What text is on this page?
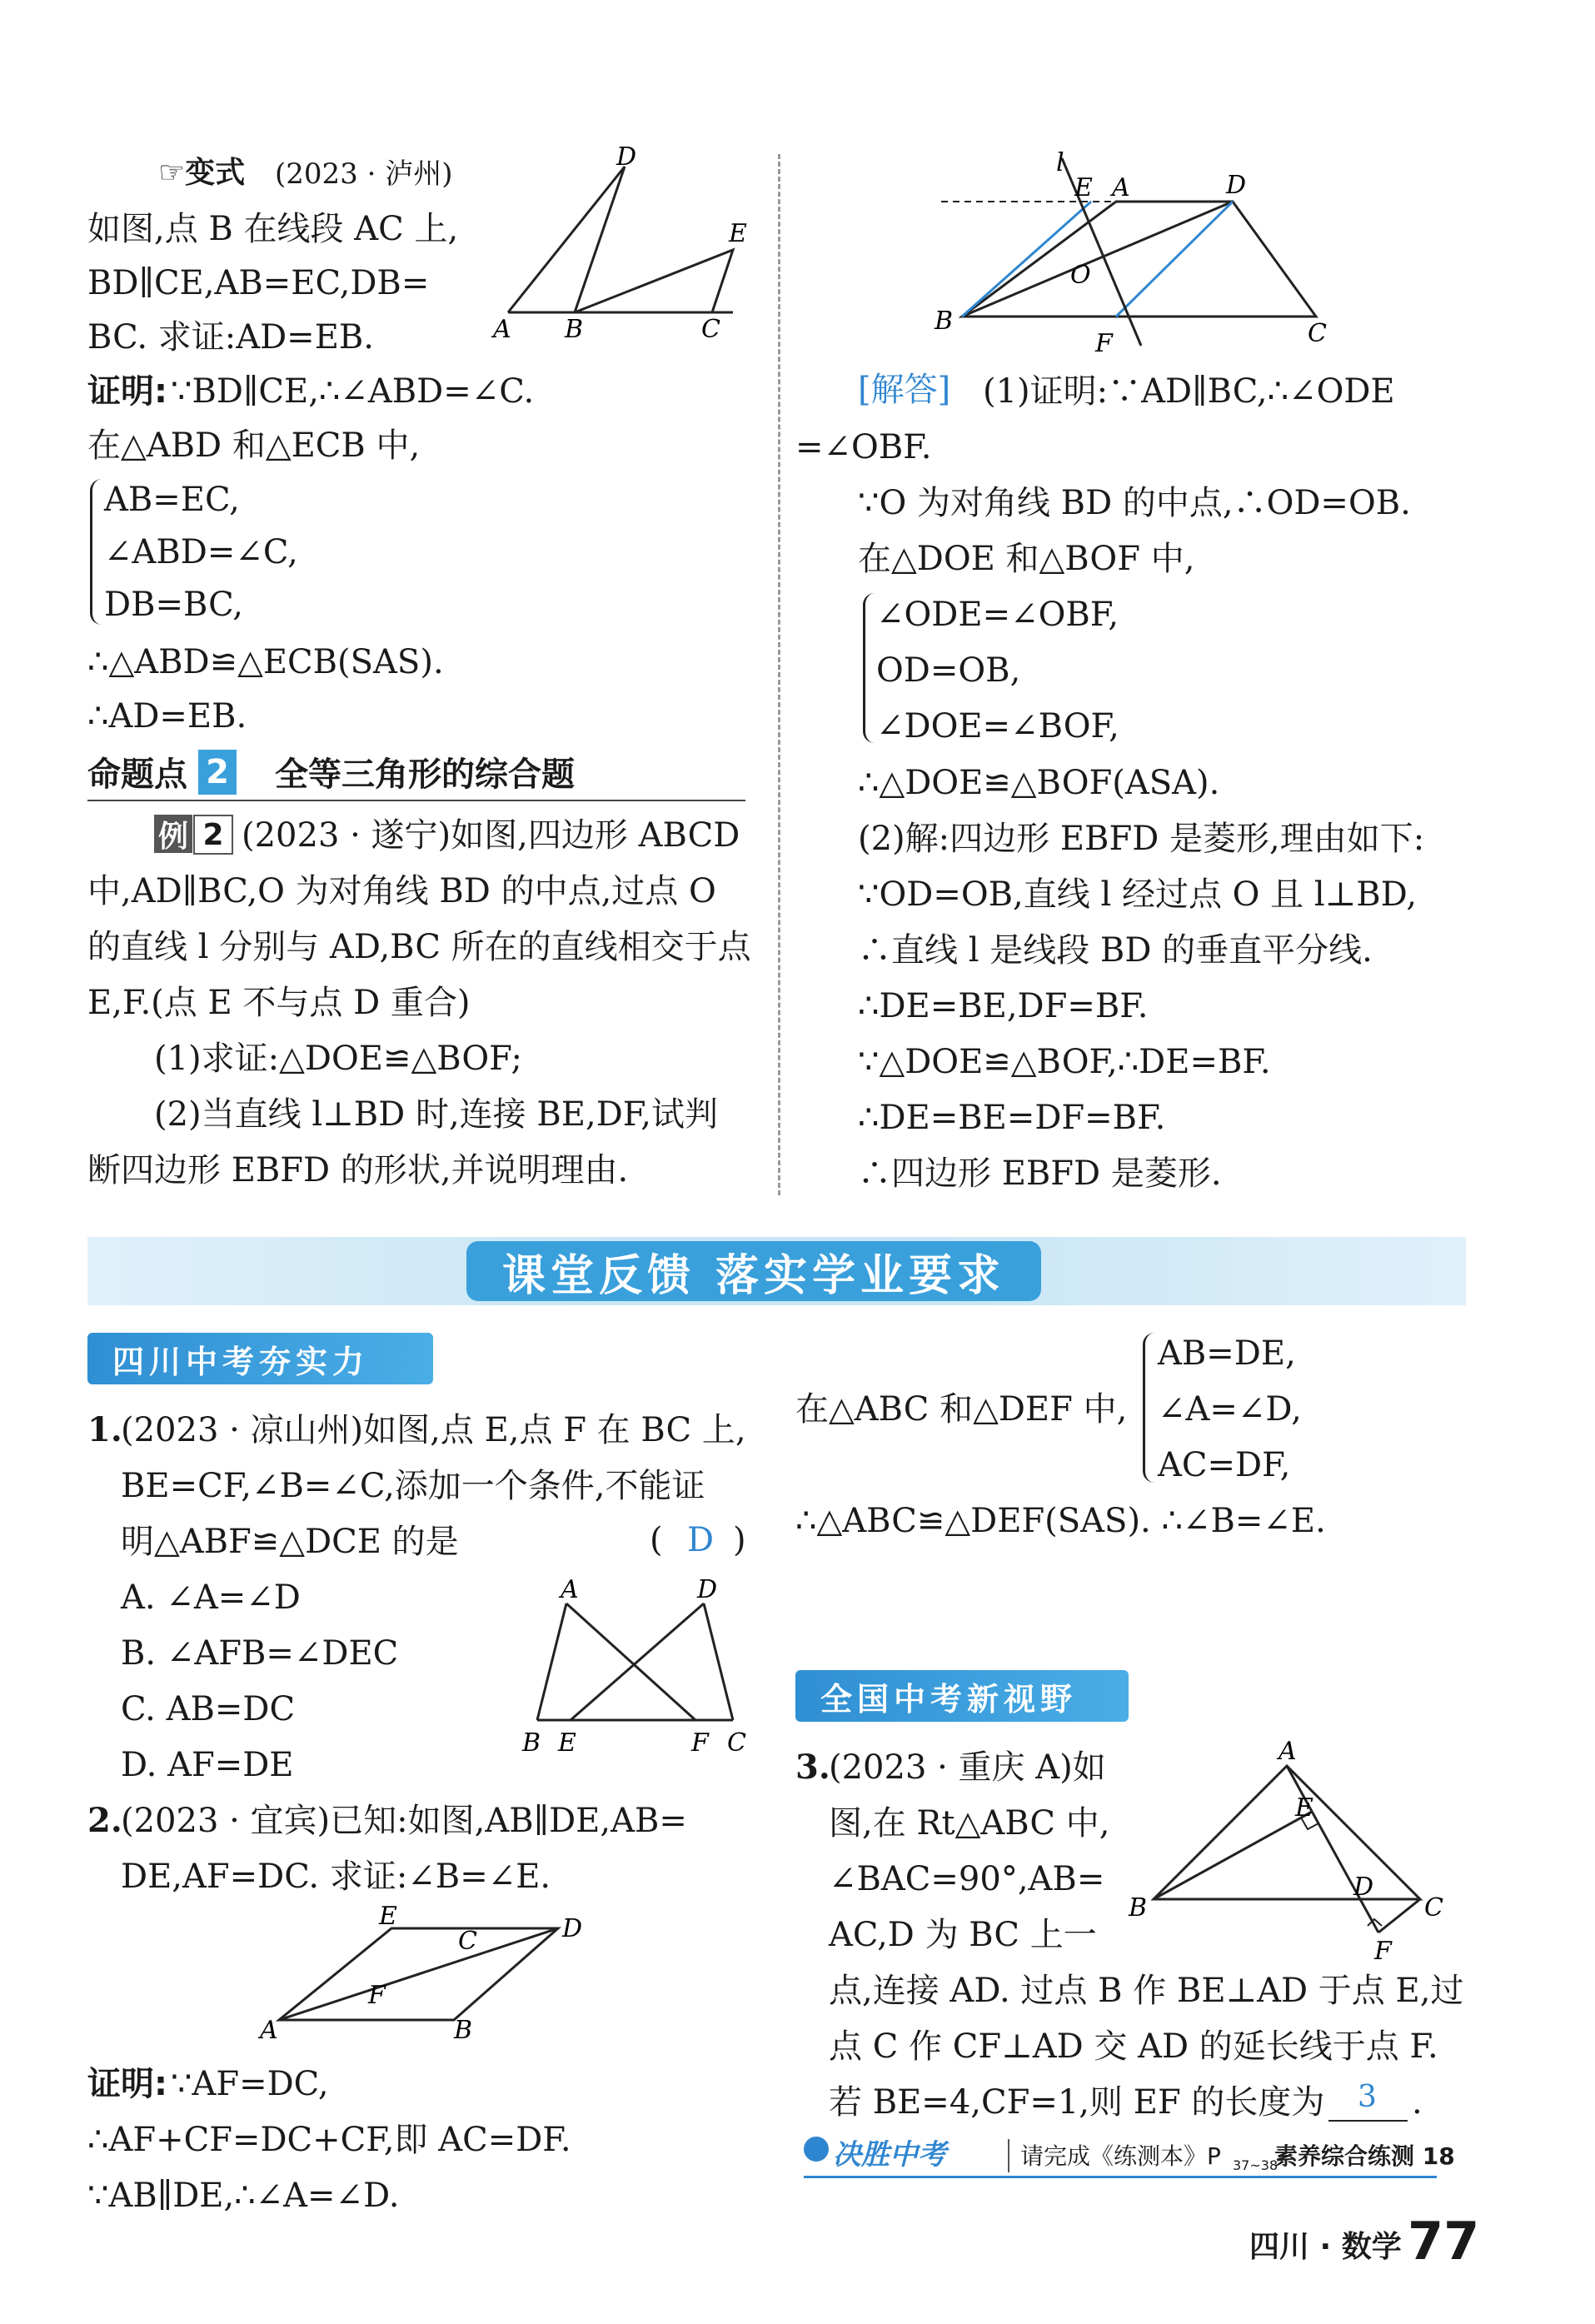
☞变式 (2023 · 泸州)
如图,点 B 在线段 AC 上,
BD∥CE,AB=EC,DB=
BC. 求证:AD=EB.
D
E
A B	C
证明: ∵BD∥CE,∴∠ABD=∠C.
在△ABD 和△ECB 中,
AB=EC,
∠ABD=∠C,
DB=BC,
∴△ABD≌△ECB(SAS).
∴AD=EB.
命题点 2 全等三角形的综合题
例 2 (2023 · 遂宁)如图,四边形 ABCD
中,AD∥BC,O 为对角线 BD 的中点,过点 O
的直线 l 分别与 AD,BC 所在的直线相交于点
E,F.(点 E 不与点 D 重合)
(1)求证:△DOE≌△BOF;
(2)当直线 l⊥BD 时,连接 BE,DF,试判
断四边形 EBFD 的形状,并说明理由.
l
E A	D
O
B
F	C
[解答] (1)证明:∵AD∥BC,∴∠ODE
=∠OBF.
∵O 为对角线 BD 的中点,∴OD=OB.
在△DOE 和△BOF 中,
∠ODE=∠OBF,
OD=OB,
∠DOE=∠BOF,
∴△DOE≌△BOF(ASA).
(2)解:四边形 EBFD 是菱形,理由如下:
∵OD=OB,直线 l 经过点 O 且 l⊥BD,
∴直线 l 是线段 BD 的垂直平分线.
∴DE=BE,DF=BF.
∵△DOE≌△BOF,∴DE=BF.
∴DE=BE=DF=BF.
∴四边形 EBFD 是菱形.
课堂反馈 落实学业要求
四川中考夯实力
1.
(2023 · 凉山州)如图,点 E,点 F 在 BC 上,
BE=CF,∠B=∠C,添加一个条件,不能证
明△ABF≌△DCE 的是	( D )
A. ∠A=∠D
B. ∠AFB=∠DEC
C. AB=DC
D. AF=DE
A	D
B E	F C
2.
(2023 · 宜宾)已知:如图,AB∥DE,AB=
DE,AF=DC. 求证:∠B=∠E.
E
C	D
F
A	B
证明: ∵AF=DC,
∴AF+CF=DC+CF,即 AC=DF.
∵AB∥DE,∴∠A=∠D.
在△ABC 和△DEF 中,
AB=DE,
∠A=∠D,
AC=DF,
∴△ABC≌△DEF(SAS). ∴∠B=∠E.
全国中考新视野
3.
(2023 · 重庆 A)如
图,在 Rt△ABC 中,
∠BAC=90°,AB=
AC,D 为 BC 上一
点,连接 AD. 过点 B 作 BE⊥AD 于点 E,过
点 C 作 CF⊥AD 交 AD 的延长线于点 F.
若 BE=4,CF=1,则 EF 的长度为 3 .
A
E
B
D
C
F
决胜中考	请完成《练测本》P 37~38
素养综合练测 18
四川 · 数学 77
